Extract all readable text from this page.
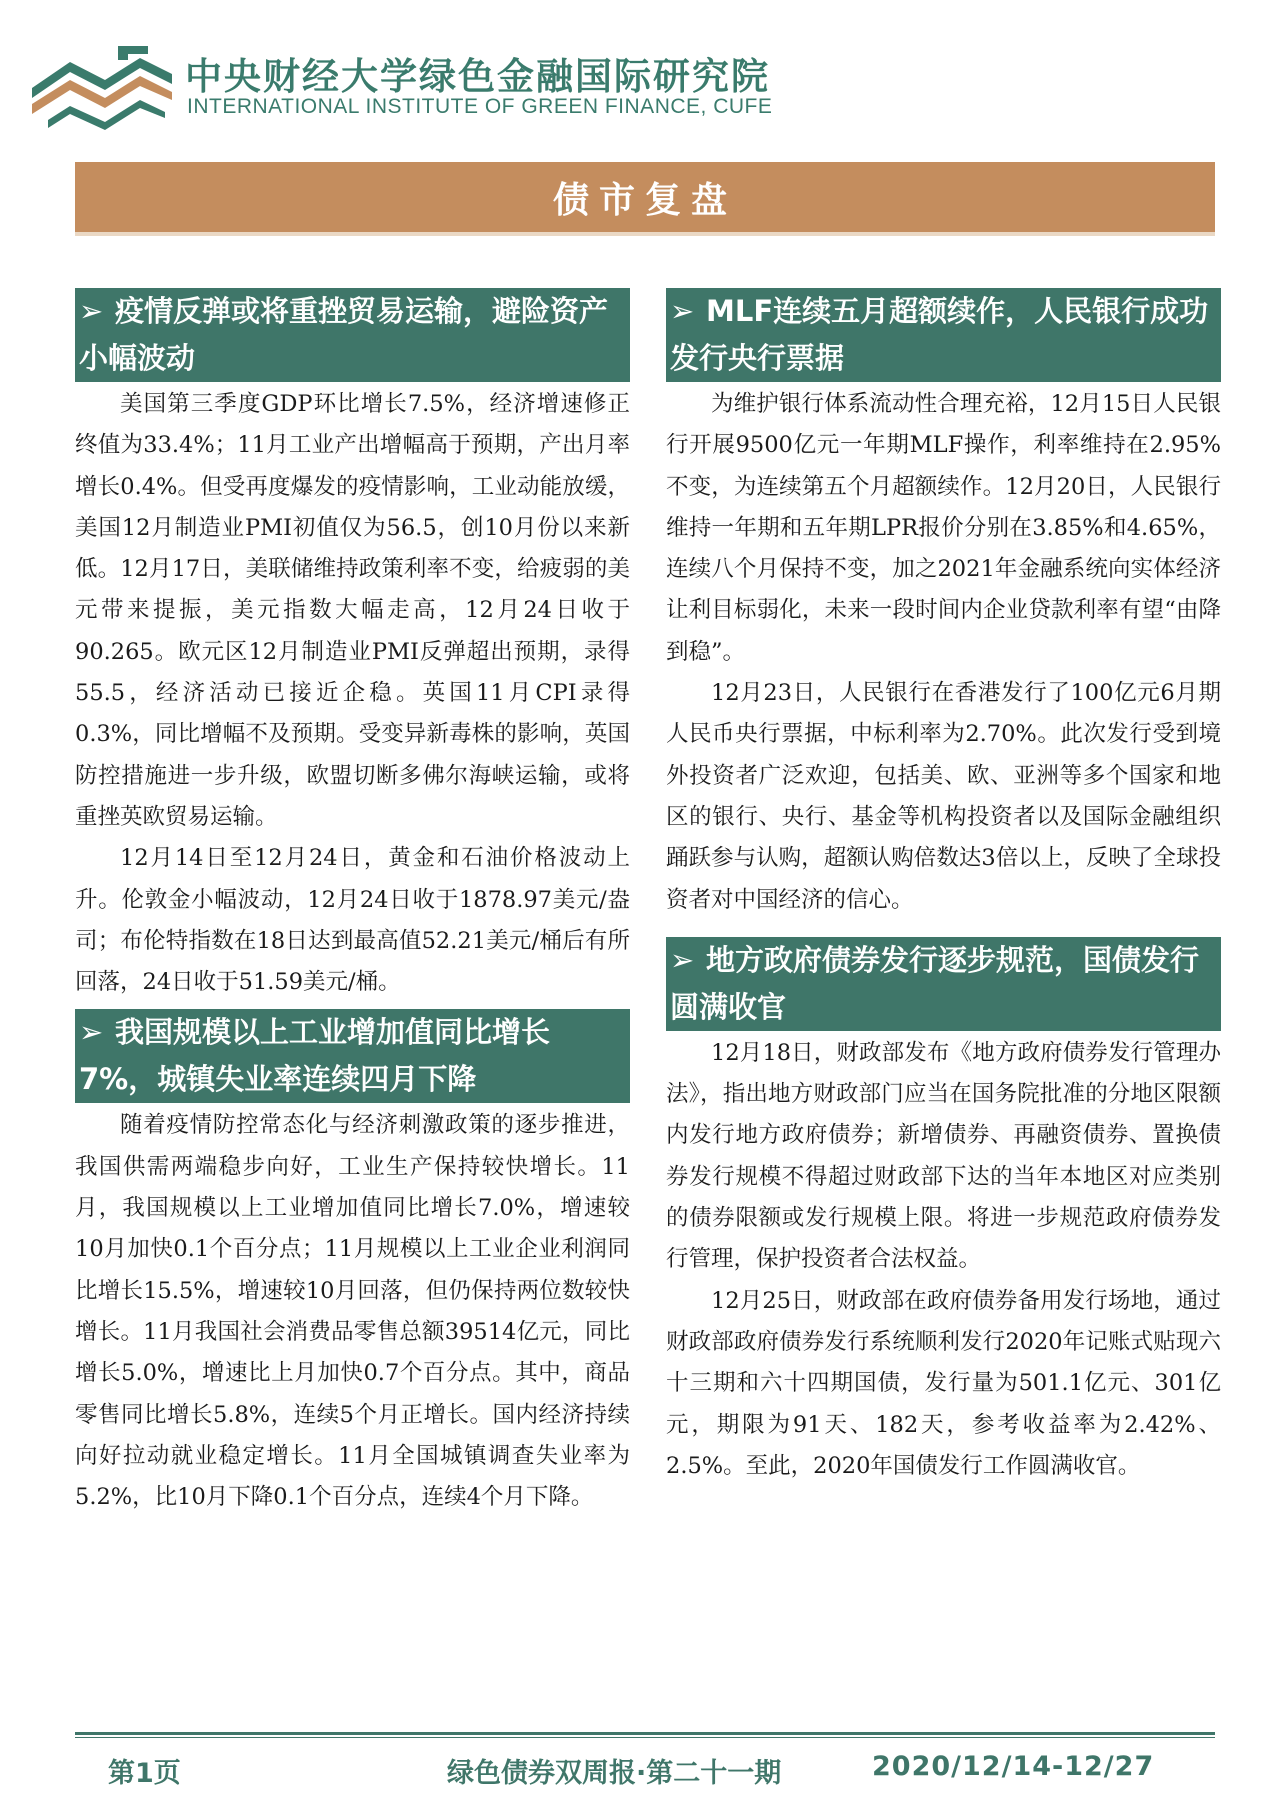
中央财经大学绿色金融国际研究院
INTERNATIONAL INSTITUTE OF GREEN FINANCE, CUFE
债市复盘
➢ 疫情反弹或将重挫贸易运输，避险资产小幅波动

美国第三季度GDP环比增长7.5%，经济增速修正终值为33.4%；11月工业产出增幅高于预期，产出月率增长0.4%。但受再度爆发的疫情影响，工业动能放缓，美国12月制造业PMI初值仅为56.5，创10月份以来新低。12月17日，美联储维持政策利率不变，给疲弱的美元带来提振，美元指数大幅走高，12月24日收于90.265。欧元区12月制造业PMI反弹超出预期，录得55.5，经济活动已接近企稳。英国11月CPI录得0.3%，同比增幅不及预期。受变异新毒株的影响，英国防控措施进一步升级，欧盟切断多佛尔海峡运输，或将重挫英欧贸易运输。

12月14日至12月24日，黄金和石油价格波动上升。伦敦金小幅波动，12月24日收于1878.97美元/盎司；布伦特指数在18日达到最高值52.21美元/桶后有所回落，24日收于51.59美元/桶。

➢ 我国规模以上工业增加值同比增长7%，城镇失业率连续四月下降

随着疫情防控常态化与经济刺激政策的逐步推进，我国供需两端稳步向好，工业生产保持较快增长。11月，我国规模以上工业增加值同比增长7.0%，增速较10月加快0.1个百分点；11月规模以上工业企业利润同比增长15.5%，增速较10月回落，但仍保持两位数较快增长。11月我国社会消费品零售总额39514亿元，同比增长5.0%，增速比上月加快0.7个百分点。其中，商品零售同比增长5.8%，连续5个月正增长。国内经济持续向好拉动就业稳定增长。11月全国城镇调查失业率为5.2%，比10月下降0.1个百分点，连续4个月下降。

➢ MLF连续五月超额续作，人民银行成功发行央行票据

为维护银行体系流动性合理充裕，12月15日人民银行开展9500亿元一年期MLF操作，利率维持在2.95%不变，为连续第五个月超额续作。12月20日，人民银行维持一年期和五年期LPR报价分别在3.85%和4.65%，连续八个月保持不变，加之2021年金融系统向实体经济让利目标弱化，未来一段时间内企业贷款利率有望“由降到稳”。

12月23日，人民银行在香港发行了100亿元6月期人民币央行票据，中标利率为2.70%。此次发行受到境外投资者广泛欢迎，包括美、欧、亚洲等多个国家和地区的银行、央行、基金等机构投资者以及国际金融组织踊跃参与认购，超额认购倍数达3倍以上，反映了全球投资者对中国经济的信心。

➢ 地方政府债券发行逐步规范，国债发行圆满收官

12月18日，财政部发布《地方政府债券发行管理办法》，指出地方财政部门应当在国务院批准的分地区限额内发行地方政府债券；新增债券、再融资债券、置换债券发行规模不得超过财政部下达的当年本地区对应类别的债券限额或发行规模上限。将进一步规范政府债券发行管理，保护投资者合法权益。

12月25日，财政部在政府债券备用发行场地，通过财政部政府债券发行系统顺利发行2020年记账式贴现六十三期和六十四期国债，发行量为501.1亿元、301亿元，期限为91天、182天，参考收益率为2.42%、2.5%。至此，2020年国债发行工作圆满收官。

第1页	绿色债券双周报·第二十一期	2020/12/14-12/27
